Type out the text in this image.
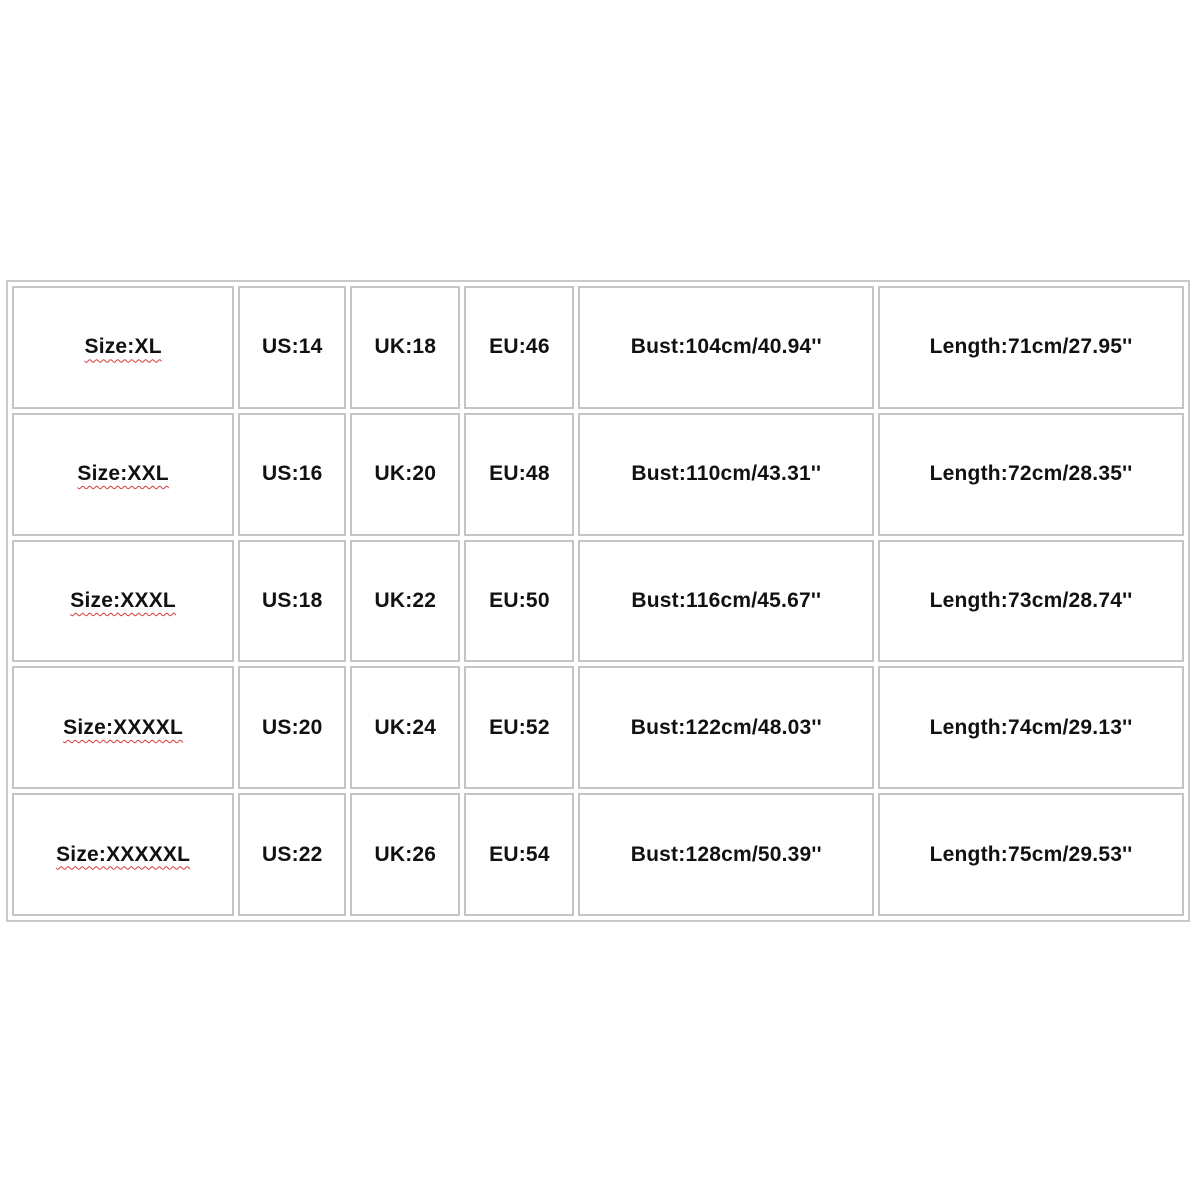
Size:XL	US:14	UK:18	EU:46	Bust:104cm/40.94''	Length:71cm/27.95''
Size:XXL	US:16	UK:20	EU:48	Bust:110cm/43.31''	Length:72cm/28.35''
Size:XXXL	US:18	UK:22	EU:50	Bust:116cm/45.67''	Length:73cm/28.74''
Size:XXXXL	US:20	UK:24	EU:52	Bust:122cm/48.03''	Length:74cm/29.13''
Size:XXXXXL	US:22	UK:26	EU:54	Bust:128cm/50.39''	Length:75cm/29.53''
